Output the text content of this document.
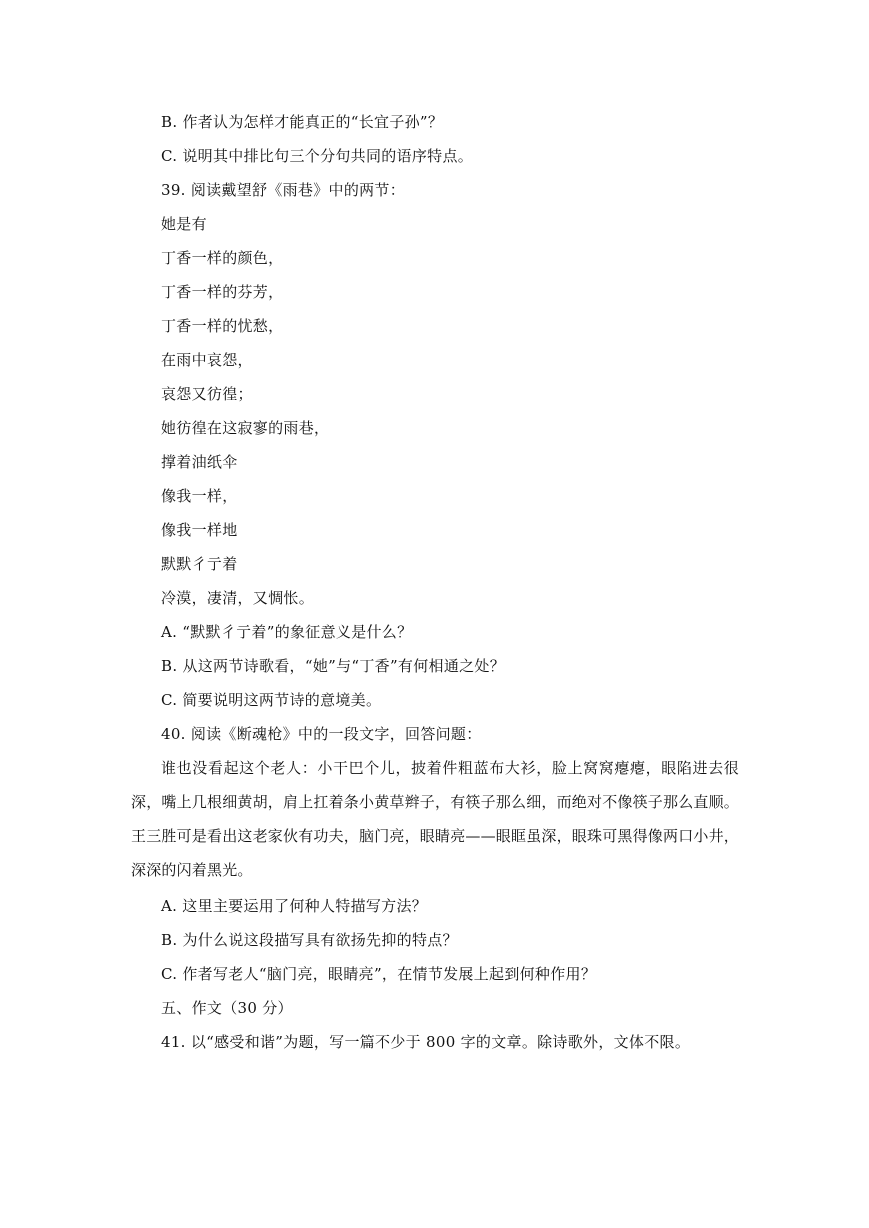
B. 作者认为怎样才能真正的“长宜子孙”？
C. 说明其中排比句三个分句共同的语序特点。
39. 阅读戴望舒《雨巷》中的两节：
她是有
丁香一样的颜色，
丁香一样的芬芳，
丁香一样的忧愁，
在雨中哀怨，
哀怨又彷徨；
她彷徨在这寂寥的雨巷，
撑着油纸伞
像我一样，
像我一样地
默默彳亍着
冷漠，凄清，又惆怅。
A. “默默彳亍着”的象征意义是什么？
B. 从这两节诗歌看，“她”与“丁香”有何相通之处？
C. 简要说明这两节诗的意境美。
40. 阅读《断魂枪》中的一段文字，回答问题：
谁也没看起这个老人：小干巴个儿，披着件粗蓝布大衫，脸上窝窝瘪瘪，眼陷进去很深，嘴上几根细黄胡，肩上扛着条小黄草辫子，有筷子那么细，而绝对不像筷子那么直顺。王三胜可是看出这老家伙有功夫，脑门亮，眼睛亮——眼眶虽深，眼珠可黑得像两口小井，深深的闪着黑光。
A. 这里主要运用了何种人特描写方法？
B. 为什么说这段描写具有欲扬先抑的特点？
C. 作者写老人“脑门亮，眼睛亮”，在情节发展上起到何种作用？
五、作文（30 分）
41. 以“感受和谐”为题，写一篇不少于 800 字的文章。除诗歌外，文体不限。
